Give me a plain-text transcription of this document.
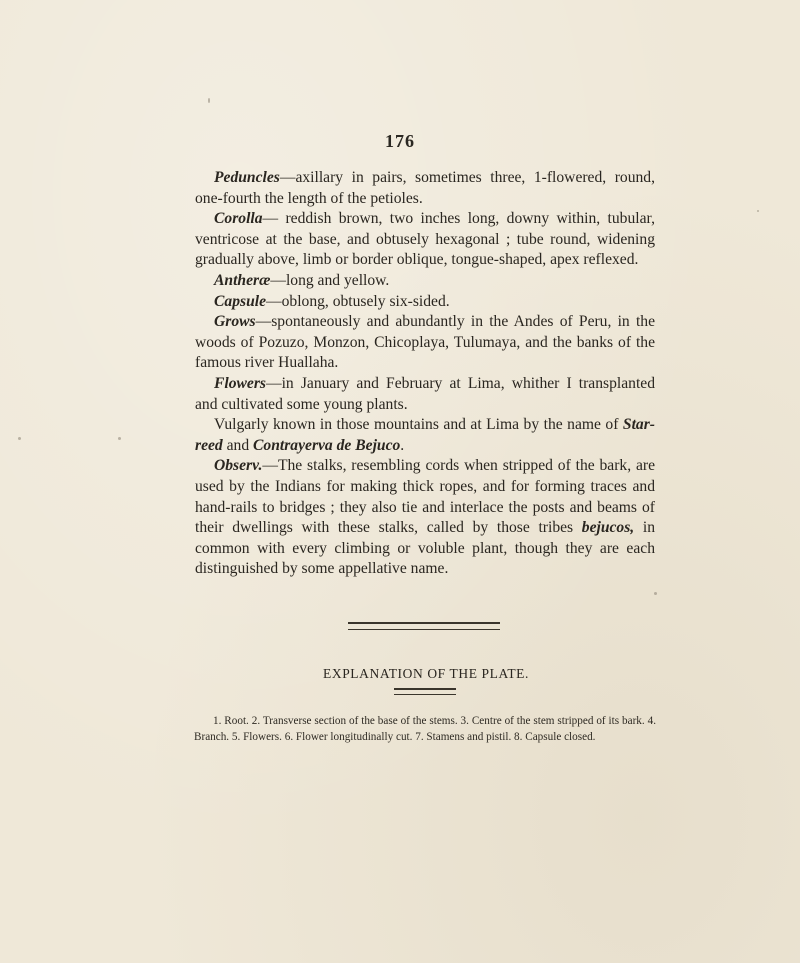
176

Peduncles—axillary in pairs, sometimes three, 1-flowered, round, one-fourth the length of the petioles.

Corolla— reddish brown, two inches long, downy within, tubular, ventricose at the base, and obtusely hexagonal ; tube round, widening gradually above, limb or border oblique, tongue-shaped, apex reflexed.

Antheræ—long and yellow.

Capsule—oblong, obtusely six-sided.

Grows—spontaneously and abundantly in the Andes of Peru, in the woods of Pozuzo, Monzon, Chicoplaya, Tulumaya, and the banks of the famous river Huallaha.

Flowers—in January and February at Lima, whither I transplanted and cultivated some young plants.

Vulgarly known in those mountains and at Lima by the name of Star-reed and Contrayerva de Bejuco.

Observ.—The stalks, resembling cords when stripped of the bark, are used by the Indians for making thick ropes, and for forming traces and hand-rails to bridges ; they also tie and interlace the posts and beams of their dwellings with these stalks, called by those tribes bejucos, in common with every climbing or voluble plant, though they are each distinguished by some appellative name.

EXPLANATION OF THE PLATE.

1. Root. 2. Transverse section of the base of the stems. 3. Centre of the stem stripped of its bark. 4. Branch. 5. Flowers. 6. Flower longitudinally cut. 7. Stamens and pistil. 8. Capsule closed.
